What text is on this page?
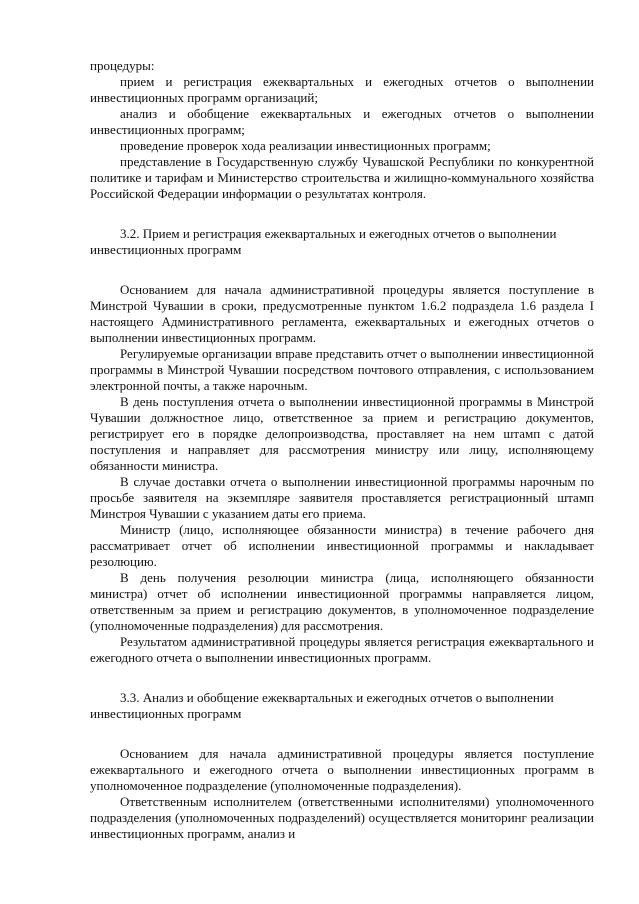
процедуры:

прием и регистрация ежеквартальных и ежегодных отчетов о выполнении инвестиционных программ организаций;

анализ и обобщение ежеквартальных и ежегодных отчетов о выполнении инвестиционных программ;

проведение проверок хода реализации инвестиционных программ;

представление в Государственную службу Чувашской Республики по конкурентной политике и тарифам и Министерство строительства и жилищно-коммунального хозяйства Российской Федерации информации о результатах контроля.

3.2. Прием и регистрация ежеквартальных и ежегодных отчетов о выполнении инвестиционных программ

Основанием для начала административной процедуры является поступление в Минстрой Чувашии в сроки, предусмотренные пунктом 1.6.2 подраздела 1.6 раздела I настоящего Административного регламента, ежеквартальных и ежегодных отчетов о выполнении инвестиционных программ.

Регулируемые организации вправе представить отчет о выполнении инвестиционной программы в Минстрой Чувашии посредством почтового отправления, с использованием электронной почты, а также нарочным.

В день поступления отчета о выполнении инвестиционной программы в Минстрой Чувашии должностное лицо, ответственное за прием и регистрацию документов, регистрирует его в порядке делопроизводства, проставляет на нем штамп с датой поступления и направляет для рассмотрения министру или лицу, исполняющему обязанности министра.

В случае доставки отчета о выполнении инвестиционной программы нарочным по просьбе заявителя на экземпляре заявителя проставляется регистрационный штамп Минстроя Чувашии с указанием даты его приема.

Министр (лицо, исполняющее обязанности министра) в течение рабочего дня рассматривает отчет об исполнении инвестиционной программы и накладывает резолюцию.

В день получения резолюции министра (лица, исполняющего обязанности министра) отчет об исполнении инвестиционной программы направляется лицом, ответственным за прием и регистрацию документов, в уполномоченное подразделение (уполномоченные подразделения) для рассмотрения.

Результатом административной процедуры является регистрация ежеквартального и ежегодного отчета о выполнении инвестиционных программ.

3.3. Анализ и обобщение ежеквартальных и ежегодных отчетов о выполнении инвестиционных программ

Основанием для начала административной процедуры является поступление ежеквартального и ежегодного отчета о выполнении инвестиционных программ в уполномоченное подразделение (уполномоченные подразделения).

Ответственным исполнителем (ответственными исполнителями) уполномоченного подразделения (уполномоченных подразделений) осуществляется мониторинг реализации инвестиционных программ, анализ и
